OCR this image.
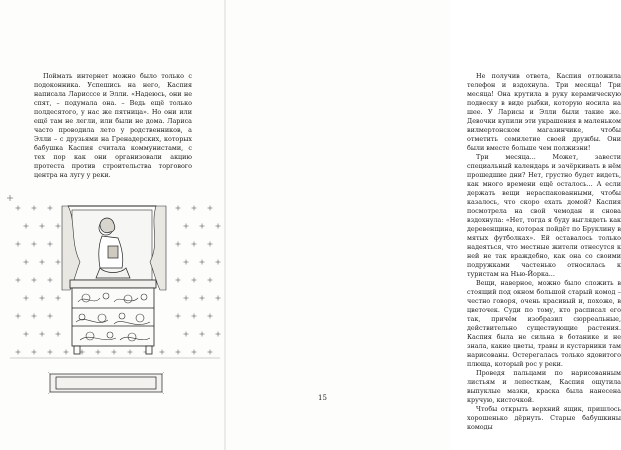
Поймать интернет можно было только с подоконника. Успешись на него, Каспия написала Ларисссе и Элли. «Надеюсь, они не спят, – подумала она. – Ведь ещё только полдесятого, у нас же пятница». Но они или ещё там не легли, или были не дома. Лариса часто проводила лето у родственников, а Элли – с друзьями на Гренадерских, которых бабушка Каспия считала коммунистами, с тех пор как они организовали акцию протеста против строительства торгового центра на лугу у реки.

Не получив ответа, Каспия отложила телефон и вздохнула. Три месяца! Три месяца! Она крутила в руку керамическую подвеску в виде рыбки, которую носила на шее. У Ларисы и Элли были такие же. Девочки купили эти украшения в маленьком вилмертонском магазинчике, чтобы отметить семилетие своей дружбы. Они были вместе больше чем полжизни!

Три месяца... Может, завести специальный календарь и зачёркивать в нём прошедшие дни? Нет, грустно будет видеть, как много времени ещё осталось... А если держать вещи нераспакованными, чтобы казалось, что скоро ехать домой? Каспия посмотрела на свой чемодан и снова вздохнула: «Нет, тогда я буду выглядеть как деревенщина, которая пойдёт по Бруклину в мятых футболках». Ей оставалось только надеяться, что местные жители отнесутся к ней не так враждебно, как она со своими подружками частенько относилась к туристам на Нью-Йорка...

Вещи, наверное, можно было сложить в стоящий под окном большой старый комод – честно говоря, очень красивый и, похоже, в цветочек. Суди по тому, кто расписал его так, причём изобразил сюрреальные, действительно существующие растения. Каспия была не сильна в ботанике и не знала, какие цветы, травы и кустарники там нарисованы. Остерегалась только ядовитого плюща, который рос у реки.

Проведя пальцами по нарисованным листьям и лепесткам, Каспия ощутила выпуклые мазки, краска была нанесена кручую, кисточкой.

Чтобы открыть верхний ящик, пришлось хорошенько дёрнуть. Старые бабушкины комоды

15
